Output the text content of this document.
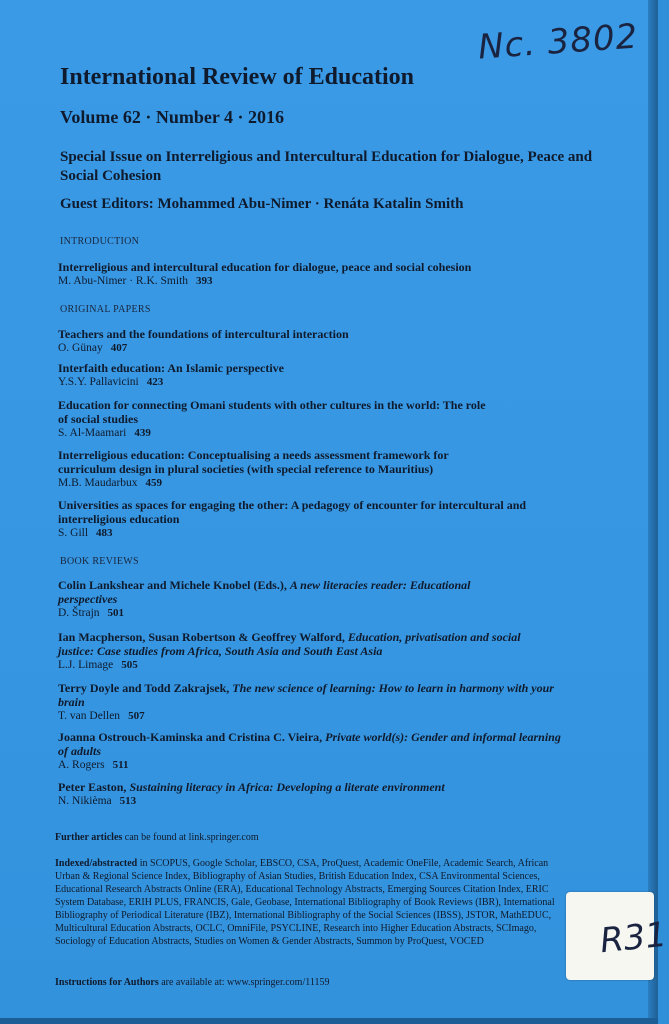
Nc. 3802
R31
International Review of Education
Volume 62 · Number 4 · 2016
Special Issue on Interreligious and Intercultural Education for Dialogue, Peace and Social Cohesion
Guest Editors: Mohammed Abu-Nimer · Renáta Katalin Smith
INTRODUCTION
Interreligious and intercultural education for dialogue, peace and social cohesion
M. Abu-Nimer · R.K. Smith 393
ORIGINAL PAPERS
Teachers and the foundations of intercultural interaction
O. Günay 407
Interfaith education: An Islamic perspective
Y.S.Y. Pallavicini 423
Education for connecting Omani students with other cultures in the world: The role of social studies
S. Al-Maamari 439
Interreligious education: Conceptualising a needs assessment framework for curriculum design in plural societies (with special reference to Mauritius)
M.B. Maudarbux 459
Universities as spaces for engaging the other: A pedagogy of encounter for intercultural and interreligious education
S. Gill 483
BOOK REVIEWS
Colin Lankshear and Michele Knobel (Eds.), A new literacies reader: Educational perspectives
D. Štrajn 501
Ian Macpherson, Susan Robertson & Geoffrey Walford, Education, privatisation and social justice: Case studies from Africa, South Asia and South East Asia
L.J. Limage 505
Terry Doyle and Todd Zakrajsek, The new science of learning: How to learn in harmony with your brain
T. van Dellen 507
Joanna Ostrouch-Kaminska and Cristina C. Vieira, Private world(s): Gender and informal learning of adults
A. Rogers 511
Peter Easton, Sustaining literacy in Africa: Developing a literate environment
N. Nikièma 513
Further articles can be found at link.springer.com
Indexed/abstracted in SCOPUS, Google Scholar, EBSCO, CSA, ProQuest, Academic OneFile, Academic Search, African Urban & Regional Science Index, Bibliography of Asian Studies, British Education Index, CSA Environmental Sciences, Educational Research Abstracts Online (ERA), Educational Technology Abstracts, Emerging Sources Citation Index, ERIC System Database, ERIH PLUS, FRANCIS, Gale, Geobase, International Bibliography of Book Reviews (IBR), International Bibliography of Periodical Literature (IBZ), International Bibliography of the Social Sciences (IBSS), JSTOR, MathEDUC, Multicultural Education Abstracts, OCLC, OmniFile, PSYCLINE, Research into Higher Education Abstracts, SCImago, Sociology of Education Abstracts, Studies on Women & Gender Abstracts, Summon by ProQuest, VOCED
Instructions for Authors are available at: www.springer.com/11159
